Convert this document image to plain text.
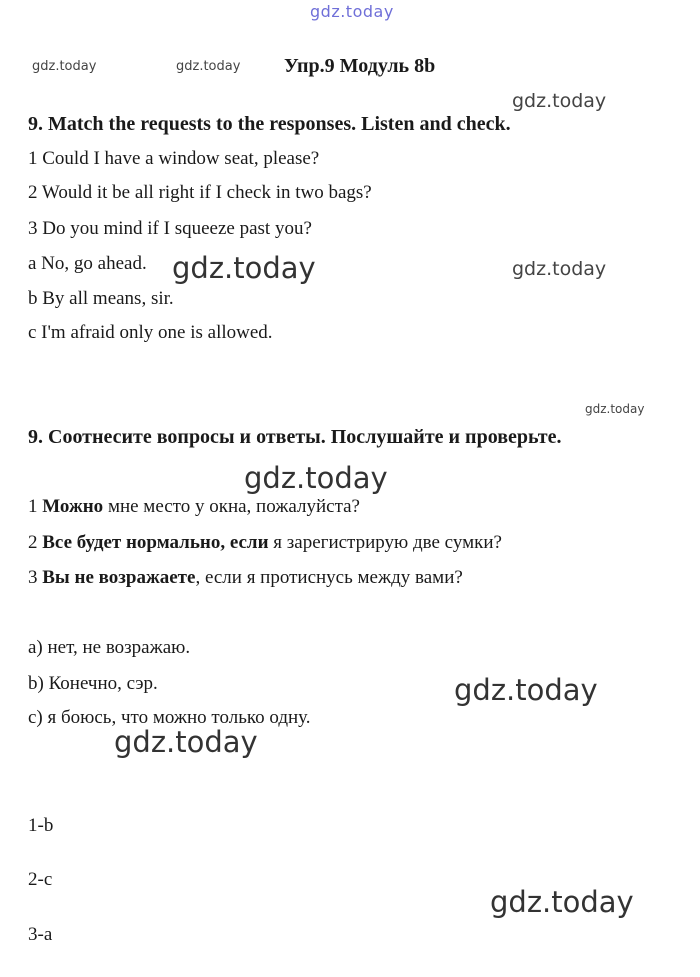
gdz.today
gdz.today	gdz.today
gdz.today
gdz.today	gdz.today
gdz.today
gdz.today
gdz.today
gdz.today
gdz.today
Упр.9 Модуль 8b
9. Match the requests to the responses. Listen and check.
1 Could I have a window seat, please?
2 Would it be all right if I check in two bags?
3 Do you mind if I squeeze past you?
a No, go ahead.
b By all means, sir.
c I'm afraid only one is allowed.
9. Соотнесите вопросы и ответы. Послушайте и проверьте.
1 Можно мне место у окна, пожалуйста?
2 Все будет нормально, если я зарегистрирую две сумки?
3 Вы не возражаете, если я протиснусь между вами?
a) нет, не возражаю.
b) Конечно, сэр.
c) я боюсь, что можно только одну.
1-b
2-c
3-a
